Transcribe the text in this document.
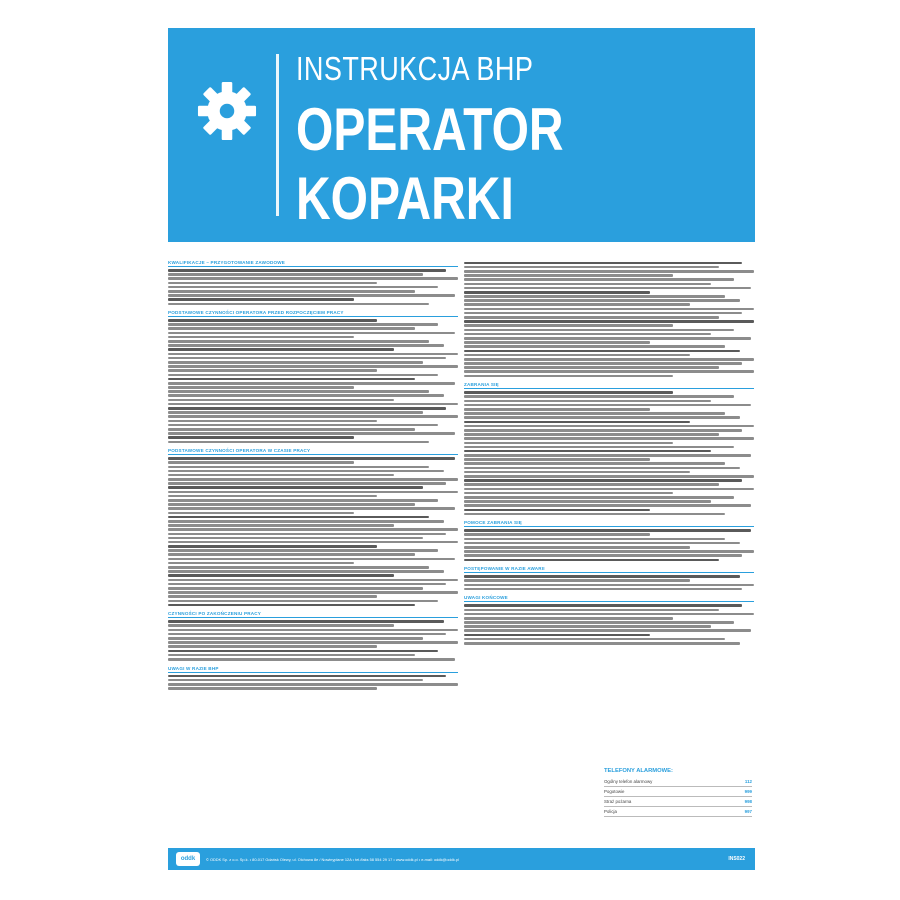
INSTRUKCJA BHP
OPERATOR
KOPARKI
KWALIFIKACJE – PRZYGOTOWANIE ZAWODOWE
PODSTAWOWE CZYNNOŚCI OPERATORA PRZED ROZPOCZĘCIEM PRACY
PODSTAWOWE CZYNNOŚCI OPERATORA W CZASIE PRACY
CZYNNOŚCI PO ZAKOŃCZENIU PRACY
UWAGI W RAZIE BHP
ZABRANIA SIĘ
POMOCE ZABRANIA SIĘ
POSTĘPOWANIE W RAZIE AWARII
UWAGI KOŃCOWE
TELEFONY ALARMOWE:
Ogólny telefon alarmowy	112
Pogotowie	999
Straż pożarna	998
Policja	997
oddk	© ODDK Sp. z o.o. Sp.k. • 80-017 Gdańsk Olewy, ul. Olchowa 8e / Nowinyplane 12A • tel./faks 58 554 29 17 • www.oddk.pl • e-mail: oddk@oddk.pl	INS022
